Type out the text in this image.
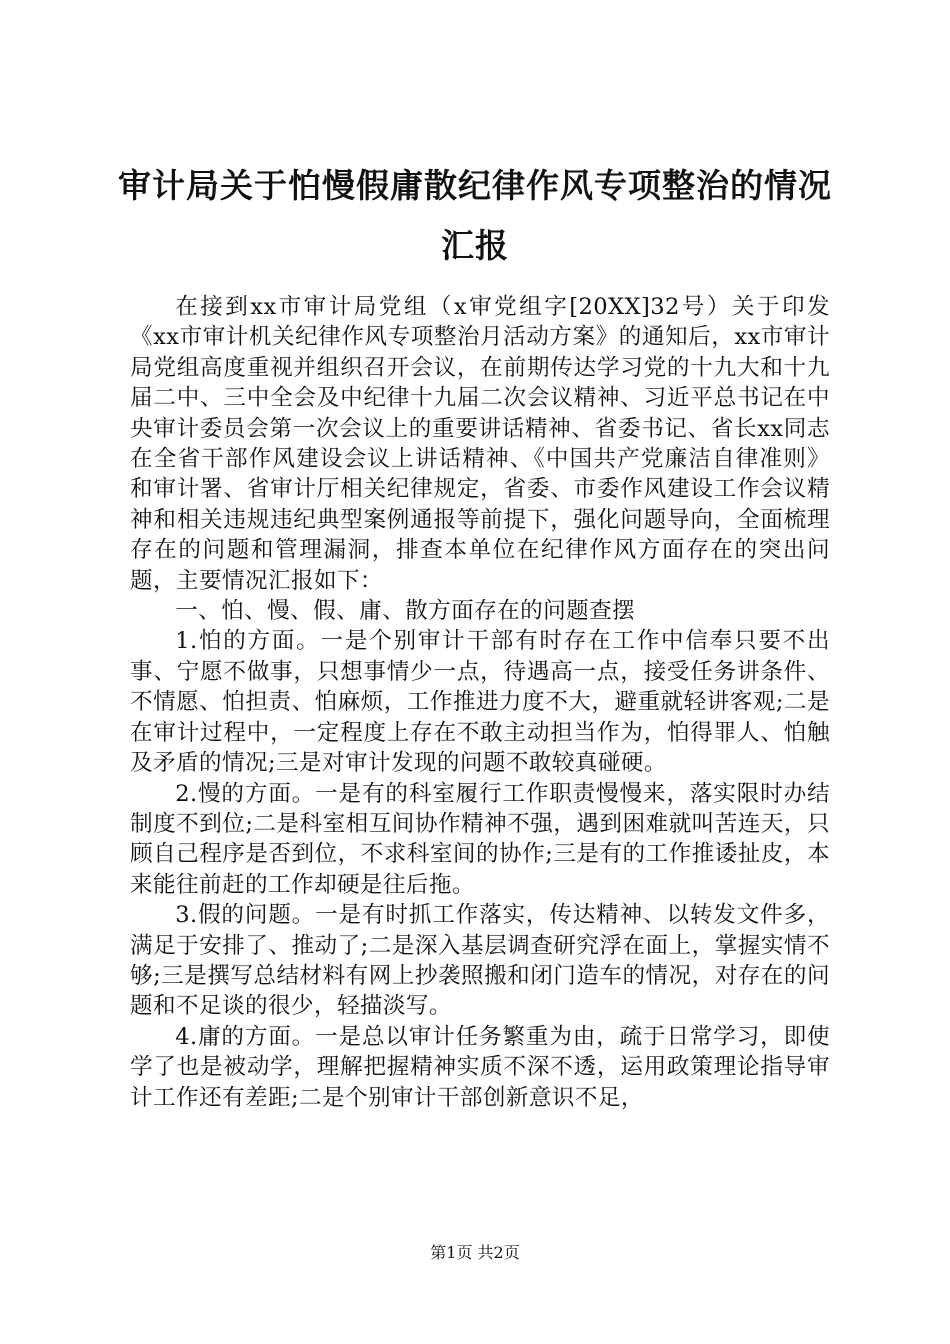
审计局关于怕慢假庸散纪律作风专项整治的情况汇报

在接到xx市审计局党组（x审党组字[20XX]32号）关于印发《xx市审计机关纪律作风专项整治月活动方案》的通知后，xx市审计局党组高度重视并组织召开会议，在前期传达学习党的十九大和十九届二中、三中全会及中纪律十九届二次会议精神、习近平总书记在中央审计委员会第一次会议上的重要讲话精神、省委书记、省长xx同志在全省干部作风建设会议上讲话精神、《中国共产党廉洁自律准则》和审计署、省审计厅相关纪律规定，省委、市委作风建设工作会议精神和相关违规违纪典型案例通报等前提下，强化问题导向，全面梳理存在的问题和管理漏洞，排查本单位在纪律作风方面存在的突出问题，主要情况汇报如下：

一、怕、慢、假、庸、散方面存在的问题查摆

1.怕的方面。一是个别审计干部有时存在工作中信奉只要不出事、宁愿不做事，只想事情少一点，待遇高一点，接受任务讲条件、不情愿、怕担责、怕麻烦，工作推进力度不大，避重就轻讲客观;二是在审计过程中，一定程度上存在不敢主动担当作为，怕得罪人、怕触及矛盾的情况;三是对审计发现的问题不敢较真碰硬。

2.慢的方面。一是有的科室履行工作职责慢慢来，落实限时办结制度不到位;二是科室相互间协作精神不强，遇到困难就叫苦连天，只顾自己程序是否到位，不求科室间的协作;三是有的工作推诿扯皮，本来能往前赶的工作却硬是往后拖。

3.假的问题。一是有时抓工作落实，传达精神、以转发文件多，满足于安排了、推动了;二是深入基层调查研究浮在面上，掌握实情不够;三是撰写总结材料有网上抄袭照搬和闭门造车的情况，对存在的问题和不足谈的很少，轻描淡写。

4.庸的方面。一是总以审计任务繁重为由，疏于日常学习，即使学了也是被动学，理解把握精神实质不深不透，运用政策理论指导审计工作还有差距;二是个别审计干部创新意识不足，

第1页 共2页
